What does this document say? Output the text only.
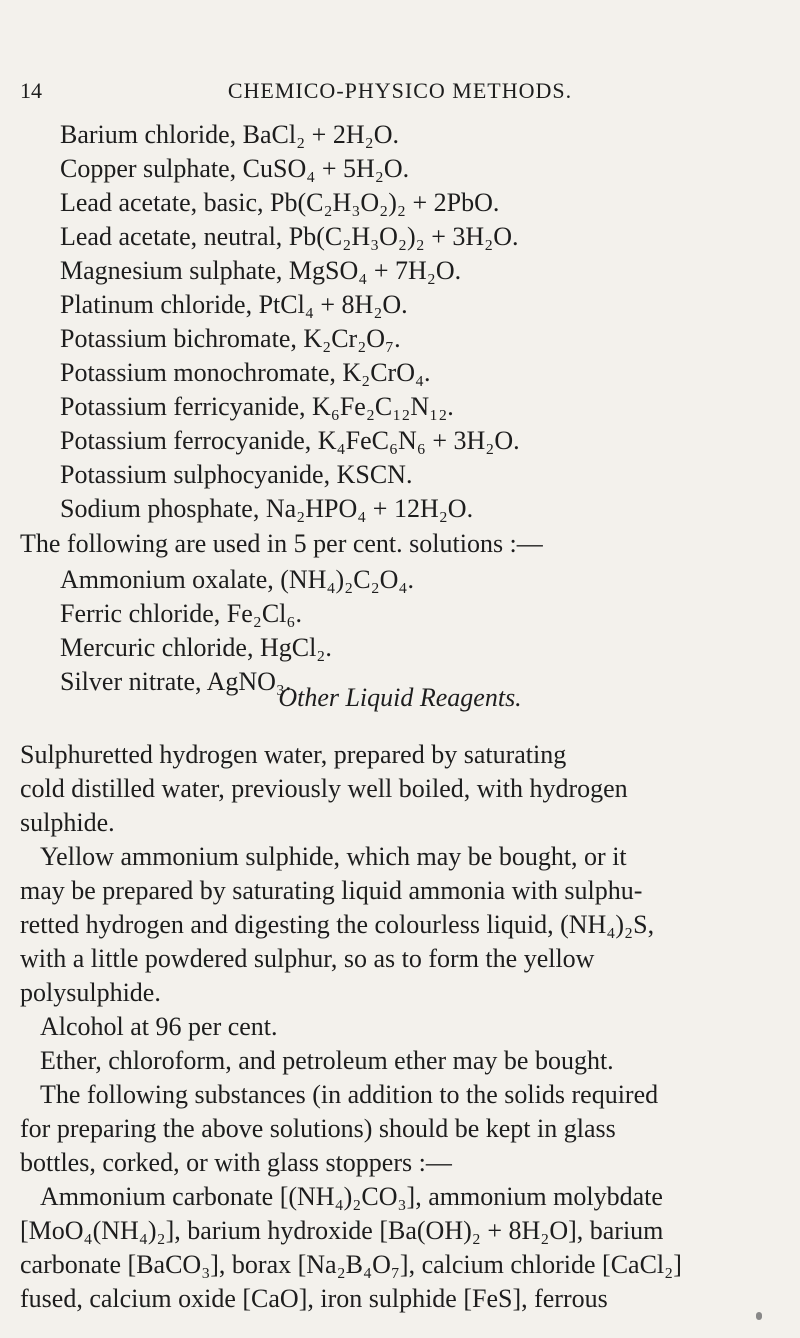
14	CHEMICO-PHYSICO METHODS.
Barium chloride, BaCl₂ + 2H₂O.
Copper sulphate, CuSO₄ + 5H₂O.
Lead acetate, basic, Pb(C₂H₃O₂)₂ + 2PbO.
Lead acetate, neutral, Pb(C₂H₃O₂)₂ + 3H₂O.
Magnesium sulphate, MgSO₄ + 7H₂O.
Platinum chloride, PtCl₄ + 8H₂O.
Potassium bichromate, K₂Cr₂O₇.
Potassium monochromate, K₂CrO₄.
Potassium ferricyanide, K₆Fe₂C₁₂N₁₂.
Potassium ferrocyanide, K₄FeC₆N₆ + 3H₂O.
Potassium sulphocyanide, KSCN.
Sodium phosphate, Na₂HPO₄ + 12H₂O.
The following are used in 5 per cent. solutions :—
Ammonium oxalate, (NH₄)₂C₂O₄.
Ferric chloride, Fe₂Cl₆.
Mercuric chloride, HgCl₂.
Silver nitrate, AgNO₃.
Other Liquid Reagents.
Sulphuretted hydrogen water, prepared by saturating
cold distilled water, previously well boiled, with hydrogen
sulphide.
Yellow ammonium sulphide, which may be bought, or it
may be prepared by saturating liquid ammonia with sulphu-
retted hydrogen and digesting the colourless liquid, (NH₄)₂S,
with a little powdered sulphur, so as to form the yellow
polysulphide.
Alcohol at 96 per cent.
Ether, chloroform, and petroleum ether may be bought.
The following substances (in addition to the solids required
for preparing the above solutions) should be kept in glass
bottles, corked, or with glass stoppers :—
Ammonium carbonate [(NH₄)₂CO₃], ammonium molybdate
[MoO₄(NH₄)₂], barium hydroxide [Ba(OH)₂ + 8H₂O], barium
carbonate [BaCO₃], borax [Na₂B₄O₇], calcium chloride [CaCl₂]
fused, calcium oxide [CaO], iron sulphide [FeS], ferrous
